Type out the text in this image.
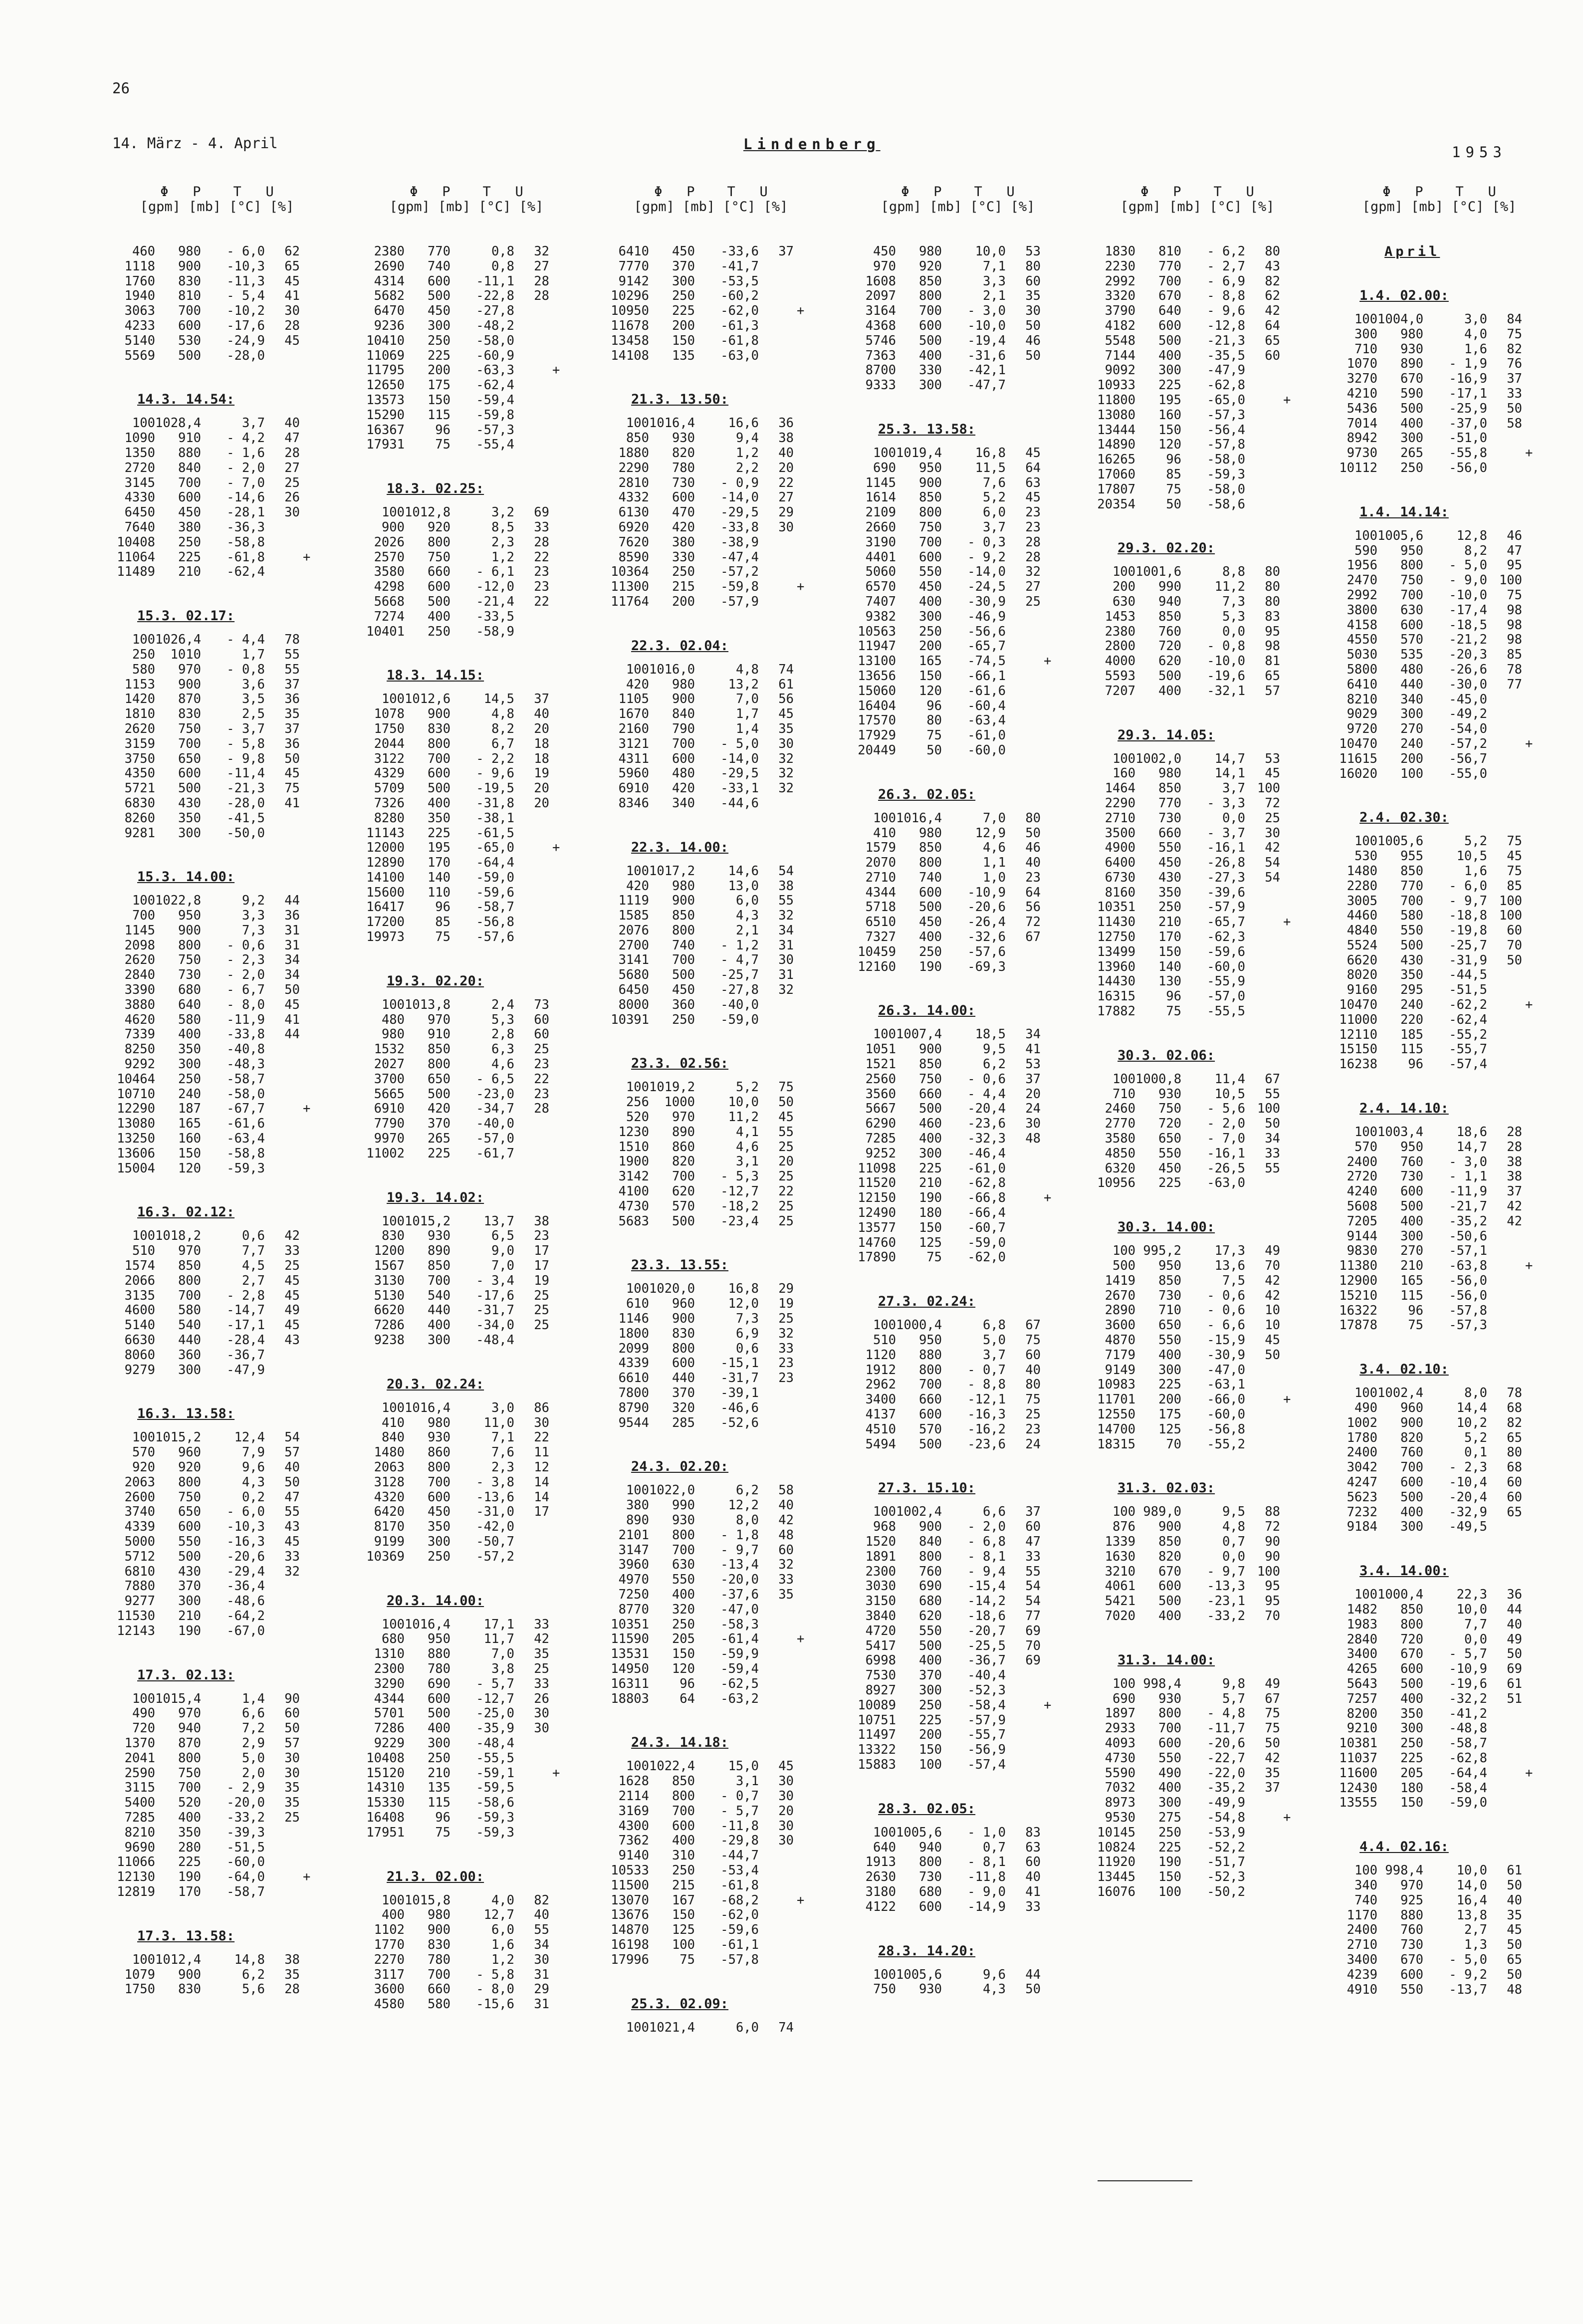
26
14. März - 4. April	Lindenberg	1953
Φ   P    T   U
[gpm] [mb] [°C] [%]
460	980	- 6,0	62
1118	900	-10,3	65
1760	830	-11,3	45
1940	810	- 5,4	41
3063	700	-10,2	30
4233	600	-17,6	28
5140	530	-24,9	45
5569	500	-28,0
14.3. 14.54:
100 1028,4	3,7	40
1090	910	- 4,2	47
1350	880	- 1,6	28
2720	840	- 2,0	27
3145	700	- 7,0	25
4330	600	-14,6	26
6450	450	-28,1	30
7640	380	-36,3
10408	250	-58,8
11064	225	-61,8	+
11489	210	-62,4
15.3. 02.17:
100 1026,4	- 4,4	78
250	1010	1,7	55
580	970	- 0,8	55
1153	900	3,6	37
1420	870	3,5	36
1810	830	2,5	35
2620	750	- 3,7	37
3159	700	- 5,8	36
3750	650	- 9,8	50
4350	600	-11,4	45
5721	500	-21,3	75
6830	430	-28,0	41
8260	350	-41,5
9281	300	-50,0
15.3. 14.00:
100 1022,8	9,2	44
700	950	3,3	36
1145	900	7,3	31
2098	800	- 0,6	31
2620	750	- 2,3	34
2840	730	- 2,0	34
3390	680	- 6,7	50
3880	640	- 8,0	45
4620	580	-11,9	41
7339	400	-33,8	44
8250	350	-40,8
9292	300	-48,3
10464	250	-58,7
10710	240	-58,0
12290	187	-67,7	+
13080	165	-61,6
13250	160	-63,4
13606	150	-58,8
15004	120	-59,3
16.3. 02.12:
100 1018,2	0,6	42
510	970	7,7	33
1574	850	4,5	25
2066	800	2,7	45
3135	700	- 2,8	45
4600	580	-14,7	49
5140	540	-17,1	45
6630	440	-28,4	43
8060	360	-36,7
9279	300	-47,9
16.3. 13.58:
100 1015,2	12,4	54
570	960	7,9	57
920	920	9,6	40
2063	800	4,3	50
2600	750	0,2	47
3740	650	- 6,0	55
4339	600	-10,3	43
5000	550	-16,3	45
5712	500	-20,6	33
6810	430	-29,4	32
7880	370	-36,4
9277	300	-48,6
11530	210	-64,2
12143	190	-67,0
17.3. 02.13:
100 1015,4	1,4	90
490	970	6,6	60
720	940	7,2	50
1370	870	2,9	57
2041	800	5,0	30
2590	750	2,0	30
3115	700	- 2,9	35
5400	520	-20,0	35
7285	400	-33,2	25
8210	350	-39,3
9690	280	-51,5
11066	225	-60,0
12130	190	-64,0	+
12819	170	-58,7
17.3. 13.58:
100 1012,4	14,8	38
1079	900	6,2	35
1750	830	5,6	28
Φ   P    T   U
[gpm] [mb] [°C] [%]
2380	770	0,8	32
2690	740	0,8	27
4314	600	-11,1	28
5682	500	-22,8	28
6470	450	-27,8
9236	300	-48,2
10410	250	-58,0
11069	225	-60,9
11795	200	-63,3	+
12650	175	-62,4
13573	150	-59,4
15290	115	-59,8
16367	96	-57,3
17931	75	-55,4
18.3. 02.25:
100 1012,8	3,2	69
900	920	8,5	33
2026	800	2,3	28
2570	750	1,2	22
3580	660	- 6,1	23
4298	600	-12,0	23
5668	500	-21,4	22
7274	400	-33,5
10401	250	-58,9
18.3. 14.15:
100 1012,6	14,5	37
1078	900	4,8	40
1750	830	8,2	20
2044	800	6,7	18
3122	700	- 2,2	18
4329	600	- 9,6	19
5709	500	-19,5	20
7326	400	-31,8	20
8280	350	-38,1
11143	225	-61,5
12000	195	-65,0	+
12890	170	-64,4
14100	140	-59,0
15600	110	-59,6
16417	96	-58,7
17200	85	-56,8
19973	75	-57,6
19.3. 02.20:
100 1013,8	2,4	73
480	970	5,3	60
980	910	2,8	60
1532	850	6,3	25
2027	800	4,6	23
3700	650	- 6,5	22
5665	500	-23,0	23
6910	420	-34,7	28
7790	370	-40,0
9970	265	-57,0
11002	225	-61,7
19.3. 14.02:
100 1015,2	13,7	38
830	930	6,5	23
1200	890	9,0	17
1567	850	7,0	17
3130	700	- 3,4	19
5130	540	-17,6	25
6620	440	-31,7	25
7286	400	-34,0	25
9238	300	-48,4
20.3. 02.24:
100 1016,4	3,0	86
410	980	11,0	30
840	930	7,1	22
1480	860	7,6	11
2063	800	2,3	12
3128	700	- 3,8	14
4320	600	-13,6	14
6420	450	-31,0	17
8170	350	-42,0
9199	300	-50,7
10369	250	-57,2
20.3. 14.00:
100 1016,4	17,1	33
680	950	11,7	42
1310	880	7,0	35
2300	780	3,8	25
3290	690	- 5,7	33
4344	600	-12,7	26
5701	500	-25,0	30
7286	400	-35,9	30
9229	300	-48,4
10408	250	-55,5
15120	210	-59,1	+
14310	135	-59,5
15330	115	-58,6
16408	96	-59,3
17951	75	-59,3
21.3. 02.00:
100 1015,8	4,0	82
400	980	12,7	40
1102	900	6,0	55
1770	830	1,6	34
2270	780	1,2	30
3117	700	- 5,8	31
3600	660	- 8,0	29
4580	580	-15,6	31
Φ   P    T   U
[gpm] [mb] [°C] [%]
6410	450	-33,6	37
7770	370	-41,7
9142	300	-53,5
10296	250	-60,2
10950	225	-62,0	+
11678	200	-61,3
13458	150	-61,8
14108	135	-63,0
21.3. 13.50:
100 1016,4	16,6	36
850	930	9,4	38
1880	820	1,2	40
2290	780	2,2	20
2810	730	- 0,9	22
4332	600	-14,0	27
6130	470	-29,5	29
6920	420	-33,8	30
7620	380	-38,9
8590	330	-47,4
10364	250	-57,2
11300	215	-59,8	+
11764	200	-57,9
22.3. 02.04:
100 1016,0	4,8	74
420	980	13,2	61
1105	900	7,0	56
1670	840	1,7	45
2160	790	1,4	35
3121	700	- 5,0	30
4311	600	-14,0	32
5960	480	-29,5	32
6910	420	-33,1	32
8346	340	-44,6
22.3. 14.00:
100 1017,2	14,6	54
420	980	13,0	38
1119	900	6,0	55
1585	850	4,3	32
2076	800	2,1	34
2700	740	- 1,2	31
3141	700	- 4,7	30
5680	500	-25,7	31
6450	450	-27,8	32
8000	360	-40,0
10391	250	-59,0
23.3. 02.56:
100 1019,2	5,2	75
256	1000	10,0	50
520	970	11,2	45
1230	890	4,1	55
1510	860	4,6	25
1900	820	3,1	20
3142	700	- 5,3	25
4100	620	-12,7	22
4730	570	-18,2	25
5683	500	-23,4	25
23.3. 13.55:
100 1020,0	16,8	29
610	960	12,0	19
1146	900	7,3	25
1800	830	6,9	32
2099	800	0,6	33
4339	600	-15,1	23
6610	440	-31,7	23
7800	370	-39,1
8790	320	-46,6
9544	285	-52,6
24.3. 02.20:
100 1022,0	6,2	58
380	990	12,2	40
890	930	8,0	42
2101	800	- 1,8	48
3147	700	- 9,7	60
3960	630	-13,4	32
4970	550	-20,0	33
7250	400	-37,6	35
8770	320	-47,0
10351	250	-58,3
11590	205	-61,4	+
13531	150	-59,9
14950	120	-59,4
16311	96	-62,5
18803	64	-63,2
24.3. 14.18:
100 1022,4	15,0	45
1628	850	3,1	30
2114	800	- 0,7	30
3169	700	- 5,7	20
4300	600	-11,8	30
7362	400	-29,8	30
9140	310	-44,7
10533	250	-53,4
11500	215	-61,8
13070	167	-68,2	+
13676	150	-62,0
14870	125	-59,6
16198	100	-61,1
17996	75	-57,8
25.3. 02.09:
100 1021,4	6,0	74
Φ   P    T   U
[gpm] [mb] [°C] [%]
450	980	10,0	53
970	920	7,1	80
1608	850	3,3	60
2097	800	2,1	35
3164	700	- 3,0	30
4368	600	-10,0	50
5746	500	-19,4	46
7363	400	-31,6	50
8700	330	-42,1
9333	300	-47,7
25.3. 13.58:
100 1019,4	16,8	45
690	950	11,5	64
1145	900	7,6	63
1614	850	5,2	45
2109	800	6,0	23
2660	750	3,7	23
3190	700	- 0,3	28
4401	600	- 9,2	28
5060	550	-14,0	32
6570	450	-24,5	27
7407	400	-30,9	25
9382	300	-46,9
10563	250	-56,6
11947	200	-65,7
13100	165	-74,5	+
13656	150	-66,1
15060	120	-61,6
16404	96	-60,4
17570	80	-63,4
17929	75	-61,0
20449	50	-60,0
26.3. 02.05:
100 1016,4	7,0	80
410	980	12,9	50
1579	850	4,6	46
2070	800	1,1	40
2710	740	1,0	23
4344	600	-10,9	64
5718	500	-20,6	56
6510	450	-26,4	72
7327	400	-32,6	67
10459	250	-57,6
12160	190	-69,3
26.3. 14.00:
100 1007,4	18,5	34
1051	900	9,5	41
1521	850	6,2	53
2560	750	- 0,6	37
3560	660	- 4,4	20
5667	500	-20,4	24
6290	460	-23,6	30
7285	400	-32,3	48
9252	300	-46,4
11098	225	-61,0
11520	210	-62,8
12150	190	-66,8	+
12490	180	-66,4
13577	150	-60,7
14760	125	-59,0
17890	75	-62,0
27.3. 02.24:
100 1000,4	6,8	67
510	950	5,0	75
1120	880	3,7	60
1912	800	- 0,7	40
2962	700	- 8,8	80
3400	660	-12,1	75
4137	600	-16,3	25
4510	570	-16,2	23
5494	500	-23,6	24
27.3. 15.10:
100 1002,4	6,6	37
968	900	- 2,0	60
1520	840	- 6,8	47
1891	800	- 8,1	33
2300	760	- 9,4	55
3030	690	-15,4	54
3150	680	-14,2	54
3840	620	-18,6	77
4720	550	-20,7	69
5417	500	-25,5	70
6998	400	-36,7	69
7530	370	-40,4
8927	300	-52,3
10089	250	-58,4	+
10751	225	-57,9
11497	200	-55,7
13322	150	-56,9
15883	100	-57,4
28.3. 02.05:
100 1005,6	- 1,0	83
640	940	0,7	63
1913	800	- 8,1	60
2630	730	-11,8	40
3180	680	- 9,0	41
4122	600	-14,9	33
28.3. 14.20:
100 1005,6	9,6	44
750	930	4,3	50
Φ   P    T   U
[gpm] [mb] [°C] [%]
1830	810	- 6,2	80
2230	770	- 2,7	43
2992	700	- 6,9	82
3320	670	- 8,8	62
3790	640	- 9,6	42
4182	600	-12,8	64
5548	500	-21,3	65
7144	400	-35,5	60
9092	300	-47,9
10933	225	-62,8
11800	195	-65,0	+
13080	160	-57,3
13444	150	-56,4
14890	120	-57,8
16265	96	-58,0
17060	85	-59,3
17807	75	-58,0
20354	50	-58,6
29.3. 02.20:
100 1001,6	8,8	80
200	990	11,2	80
630	940	7,3	80
1453	850	5,3	83
2380	760	0,0	95
2800	720	- 0,8	98
4000	620	-10,0	81
5593	500	-19,6	65
7207	400	-32,1	57
29.3. 14.05:
100 1002,0	14,7	53
160	980	14,1	45
1464	850	3,7 100
2290	770	- 3,3	72
2710	730	0,0	25
3500	660	- 3,7	30
4900	550	-16,1	42
6400	450	-26,8	54
6730	430	-27,3	54
8160	350	-39,6
10351	250	-57,9
11430	210	-65,7	+
12750	170	-62,3
13499	150	-59,6
13960	140	-60,0
14430	130	-55,9
16315	96	-57,0
17882	75	-55,5
30.3. 02.06:
100 1000,8	11,4	67
710	930	10,5	55
2460	750	- 5,6 100
2770	720	- 2,0	50
3580	650	- 7,0	34
4850	550	-16,1	33
6320	450	-26,5	55
10956	225	-63,0
30.3. 14.00:
100 995,2	17,3	49
500	950	13,6	70
1419	850	7,5	42
2670	730	- 0,6	42
2890	710	- 0,6	10
3600	650	- 6,6	10
4870	550	-15,9	45
7179	400	-30,9	50
9149	300	-47,0
10983	225	-63,1
11701	200	-66,0	+
12550	175	-60,0
14700	125	-56,8
18315	70	-55,2
31.3. 02.03:
100 989,0	9,5	88
876	900	4,8	72
1339	850	0,7	90
1630	820	0,0	90
3210	670	- 9,7 100
4061	600	-13,3	95
5421	500	-23,1	95
7020	400	-33,2	70
31.3. 14.00:
100 998,4	9,8	49
690	930	5,7	67
1897	800	- 4,8	75
2933	700	-11,7	75
4093	600	-20,6	50
4730	550	-22,7	42
5590	490	-22,0	35
7032	400	-35,2	37
8973	300	-49,9
9530	275	-54,8	+
10145	250	-53,9
10824	225	-52,2
11920	190	-51,7
13445	150	-52,3
16076	100	-50,2
Φ   P    T   U
[gpm] [mb] [°C] [%]
April
1.4. 02.00:
100 1004,0	3,0	84
300	980	4,0	75
710	930	1,6	82
1070	890	- 1,9	76
3270	670	-16,9	37
4210	590	-17,1	33
5436	500	-25,9	50
7014	400	-37,0	58
8942	300	-51,0
9730	265	-55,8	+
10112	250	-56,0
1.4. 14.14:
100 1005,6	12,8	46
590	950	8,2	47
1956	800	- 5,0	95
2470	750	- 9,0 100
2992	700	-10,0	75
3800	630	-17,4	98
4158	600	-18,5	98
4550	570	-21,2	98
5030	535	-20,3	85
5800	480	-26,6	78
6410	440	-30,0	77
8210	340	-45,0
9029	300	-49,2
9720	270	-54,0
10470	240	-57,2	+
11615	200	-56,7
16020	100	-55,0
2.4. 02.30:
100 1005,6	5,2	75
530	955	10,5	45
1480	850	1,6	75
2280	770	- 6,0	85
3005	700	- 9,7 100
4460	580	-18,8 100
4840	550	-19,8	60
5524	500	-25,7	70
6620	430	-31,9	50
8020	350	-44,5
9160	295	-51,5
10470	240	-62,2	+
11000	220	-62,4
12110	185	-55,2
15150	115	-55,7
16238	96	-57,4
2.4. 14.10:
100 1003,4	18,6	28
570	950	14,7	28
2400	760	- 3,0	38
2720	730	- 1,1	38
4240	600	-11,9	37
5608	500	-21,7	42
7205	400	-35,2	42
9144	300	-50,6
9830	270	-57,1
11380	210	-63,8	+
12900	165	-56,0
15210	115	-56,0
16322	96	-57,8
17878	75	-57,3
3.4. 02.10:
100 1002,4	8,0	78
490	960	14,4	68
1002	900	10,2	82
1780	820	5,2	65
2400	760	0,1	80
3042	700	- 2,3	68
4247	600	-10,4	60
5623	500	-20,4	60
7232	400	-32,9	65
9184	300	-49,5
3.4. 14.00:
100 1000,4	22,3	36
1482	850	10,0	44
1983	800	7,7	40
2840	720	0,0	49
3400	670	- 5,7	50
4265	600	-10,9	69
5643	500	-19,6	61
7257	400	-32,2	51
8200	350	-41,2
9210	300	-48,8
10381	250	-58,7
11037	225	-62,8
11600	205	-64,4	+
12430	180	-58,4
13555	150	-59,0
4.4. 02.16:
100 998,4	10,0	61
340	970	14,0	50
740	925	16,4	40
1170	880	13,8	35
2400	760	2,7	45
2710	730	1,3	50
3400	670	- 5,0	65
4239	600	- 9,2	50
4910	550	-13,7	48
